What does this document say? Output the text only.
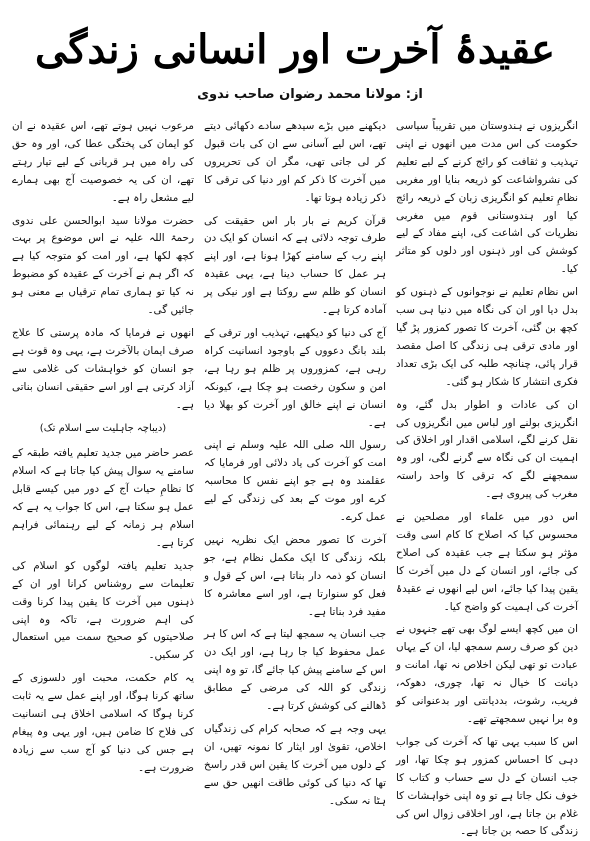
عقیدۂ آخرت اور انسانی زندگی
از: مولانا محمد رضوان صاحب ندوی

انگریزوں نے ہندوستان میں تقریباً سیاسی حکومت کی اس مدت میں انھوں نے اپنی تہذیب و ثقافت کو رائج کرنے کے لیے تعلیم کی نشرواشاعت کو ذریعہ بنایا اور مغربی نظامِ تعلیم کو انگریزی زبان کے ذریعہ رائج کیا اور ہندوستانی قوم میں مغربی نظریات کی اشاعت کی، اپنے مفاد کے لیے کوشش کی اور ذہنوں اور دلوں کو متاثر کیا۔

اس نظام تعلیم نے نوجوانوں کے ذہنوں کو بدل دیا اور ان کی نگاہ میں دنیا ہی سب کچھ بن گئی، آخرت کا تصور کمزور پڑ گیا اور مادی ترقی ہی زندگی کا اصل مقصد قرار پائی، چنانچہ طلبہ کی ایک بڑی تعداد فکری انتشار کا شکار ہو گئی۔

ان کی عادات و اطوار بدل گئے، وہ انگریزی بولنے اور لباس میں انگریزوں کی نقل کرنے لگے، اسلامی اقدار اور اخلاق کی اہمیت ان کی نگاہ سے گرنے لگی، اور وہ سمجھنے لگے کہ ترقی کا واحد راستہ مغرب کی پیروی ہے۔

اس دور میں علماء اور مصلحین نے محسوس کیا کہ اصلاح کا کام اسی وقت مؤثر ہو سکتا ہے جب عقیدہ کی اصلاح کی جائے، اور انسان کے دل میں آخرت کا یقین پیدا کیا جائے، اس لیے انھوں نے عقیدۂ آخرت کی اہمیت کو واضح کیا۔

ان میں کچھ ایسے لوگ بھی تھے جنہوں نے دین کو صرف رسم سمجھ لیا، ان کے یہاں عبادت تو تھی لیکن اخلاص نہ تھا، امانت و دیانت کا خیال نہ تھا، چوری، دھوکہ، فریب، رشوت، بددیانتی اور بدعنوانی کو وہ برا نہیں سمجھتے تھے۔

اس کا سبب یہی تھا کہ آخرت کی جواب دہی کا احساس کمزور ہو چکا تھا، اور جب انسان کے دل سے حساب و کتاب کا خوف نکل جاتا ہے تو وہ اپنی خواہشات کا غلام بن جاتا ہے، اور اخلاقی زوال اس کی زندگی کا حصہ بن جاتا ہے۔

دیکھنے میں بڑے سیدھے سادے دکھائی دیتے تھے، اس لیے آسانی سے ان کی بات قبول کر لی جاتی تھی، مگر ان کی تحریروں میں آخرت کا ذکر کم اور دنیا کی ترقی کا ذکر زیادہ ہوتا تھا۔

قرآن کریم نے بار بار اس حقیقت کی طرف توجہ دلائی ہے کہ انسان کو ایک دن اپنے رب کے سامنے کھڑا ہونا ہے، اور اپنے ہر عمل کا حساب دینا ہے، یہی عقیدہ انسان کو ظلم سے روکتا ہے اور نیکی پر آمادہ کرتا ہے۔

آج کی دنیا کو دیکھیے، تہذیب اور ترقی کے بلند بانگ دعووں کے باوجود انسانیت کراہ رہی ہے، کمزوروں پر ظلم ہو رہا ہے، امن و سکون رخصت ہو چکا ہے، کیونکہ انسان نے اپنے خالق اور آخرت کو بھلا دیا ہے۔

رسول اللہ صلی اللہ علیہ وسلم نے اپنی امت کو آخرت کی یاد دلائی اور فرمایا کہ عقلمند وہ ہے جو اپنے نفس کا محاسبہ کرے اور موت کے بعد کی زندگی کے لیے عمل کرے۔

آخرت کا تصور محض ایک نظریہ نہیں بلکہ زندگی کا ایک مکمل نظام ہے، جو انسان کو ذمہ دار بناتا ہے، اس کے قول و فعل کو سنوارتا ہے، اور اسے معاشرہ کا مفید فرد بناتا ہے۔

جب انسان یہ سمجھ لیتا ہے کہ اس کا ہر عمل محفوظ کیا جا رہا ہے، اور ایک دن اس کے سامنے پیش کیا جائے گا، تو وہ اپنی زندگی کو اللہ کی مرضی کے مطابق ڈھالنے کی کوشش کرتا ہے۔

یہی وجہ ہے کہ صحابہ کرام کی زندگیاں اخلاص، تقویٰ اور ایثار کا نمونہ تھیں، ان کے دلوں میں آخرت کا یقین اس قدر راسخ تھا کہ دنیا کی کوئی طاقت انھیں حق سے ہٹا نہ سکی۔

مرعوب نہیں ہوتے تھے، اس عقیدہ نے ان کو ایمان کی پختگی عطا کی، اور وہ حق کی راہ میں ہر قربانی کے لیے تیار رہتے تھے، ان کی یہ خصوصیت آج بھی ہمارے لیے مشعل راہ ہے۔

حضرت مولانا سید ابوالحسن علی ندوی رحمۃ اللہ علیہ نے اس موضوع پر بہت کچھ لکھا ہے، اور امت کو متوجہ کیا ہے کہ اگر ہم نے آخرت کے عقیدہ کو مضبوط نہ کیا تو ہماری تمام ترقیاں بے معنی ہو جائیں گی۔

انھوں نے فرمایا کہ مادہ پرستی کا علاج صرف ایمان بالآخرت ہے، یہی وہ قوت ہے جو انسان کو خواہشات کی غلامی سے آزاد کرتی ہے اور اسے حقیقی انسان بناتی ہے۔

(دیباچہ جاہلیت سے اسلام تک)

عصر حاضر میں جدید تعلیم یافتہ طبقہ کے سامنے یہ سوال پیش کیا جاتا ہے کہ اسلام کا نظامِ حیات آج کے دور میں کیسے قابل عمل ہو سکتا ہے، اس کا جواب یہ ہے کہ اسلام ہر زمانہ کے لیے رہنمائی فراہم کرتا ہے۔

جدید تعلیم یافتہ لوگوں کو اسلام کی تعلیمات سے روشناس کرانا اور ان کے ذہنوں میں آخرت کا یقین پیدا کرنا وقت کی اہم ضرورت ہے، تاکہ وہ اپنی صلاحیتوں کو صحیح سمت میں استعمال کر سکیں۔

یہ کام حکمت، محبت اور دلسوزی کے ساتھ کرنا ہوگا، اور اپنے عمل سے یہ ثابت کرنا ہوگا کہ اسلامی اخلاق ہی انسانیت کی فلاح کا ضامن ہیں، اور یہی وہ پیغام ہے جس کی دنیا کو آج سب سے زیادہ ضرورت ہے۔
